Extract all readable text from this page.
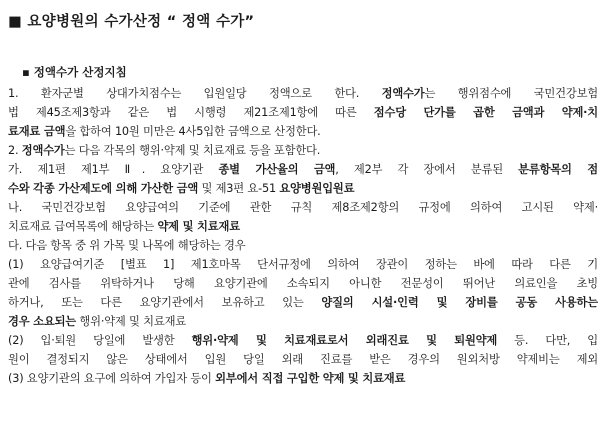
■ 요양병원의 수가산정 “ 정액 수가”
▪ 정액수가 산정지침
1. 환자군별 상대가치점수는 입원일당 정액으로 한다. 정액수가는 행위점수에 국민건강보험
법 제45조제3항과 같은 법 시행령 제21조제1항에 따른 점수당 단가를 곱한 금액과 약제·치
료재료 금액을 합하여 10원 미만은 4사5입한 금액으로 산정한다.
2. 정액수가는 다음 각목의 행위·약제 및 치료재료 등을 포함한다.
가. 제1편 제1부 Ⅱ. 요양기관 종별 가산율의 금액, 제2부 각 장에서 분류된 분류항목의 점
수와 각종 가산제도에 의해 가산한 금액 및 제3편 요-51 요양병원입원료
나. 국민건강보험 요양급여의 기준에 관한 규칙 제8조제2항의 규정에 의하여 고시된 약제·
치료재료 급여목록에 해당하는 약제 및 치료재료
다. 다음 항목 중 위 가목 및 나목에 해당하는 경우
(1) 요양급여기준 [별표 1] 제1호마목 단서규정에 의하여 장관이 정하는 바에 따라 다른 기
관에 검사를 위탁하거나 당해 요양기관에 소속되지 아니한 전문성이 뛰어난 의료인을 초빙
하거나, 또는 다른 요양기관에서 보유하고 있는 양질의 시설·인력 및 장비를 공동 사용하는
경우 소요되는 행위·약제 및 치료재료
(2) 입·퇴원 당일에 발생한 행위·약제 및 치료재료로서 외래진료 및 퇴원약제 등. 다만, 입
원이 결정되지 않은 상태에서 입원 당일 외래 진료를 받은 경우의 원외처방 약제비는 제외
(3) 요양기관의 요구에 의하여 가입자 등이 외부에서 직접 구입한 약제 및 치료재료
